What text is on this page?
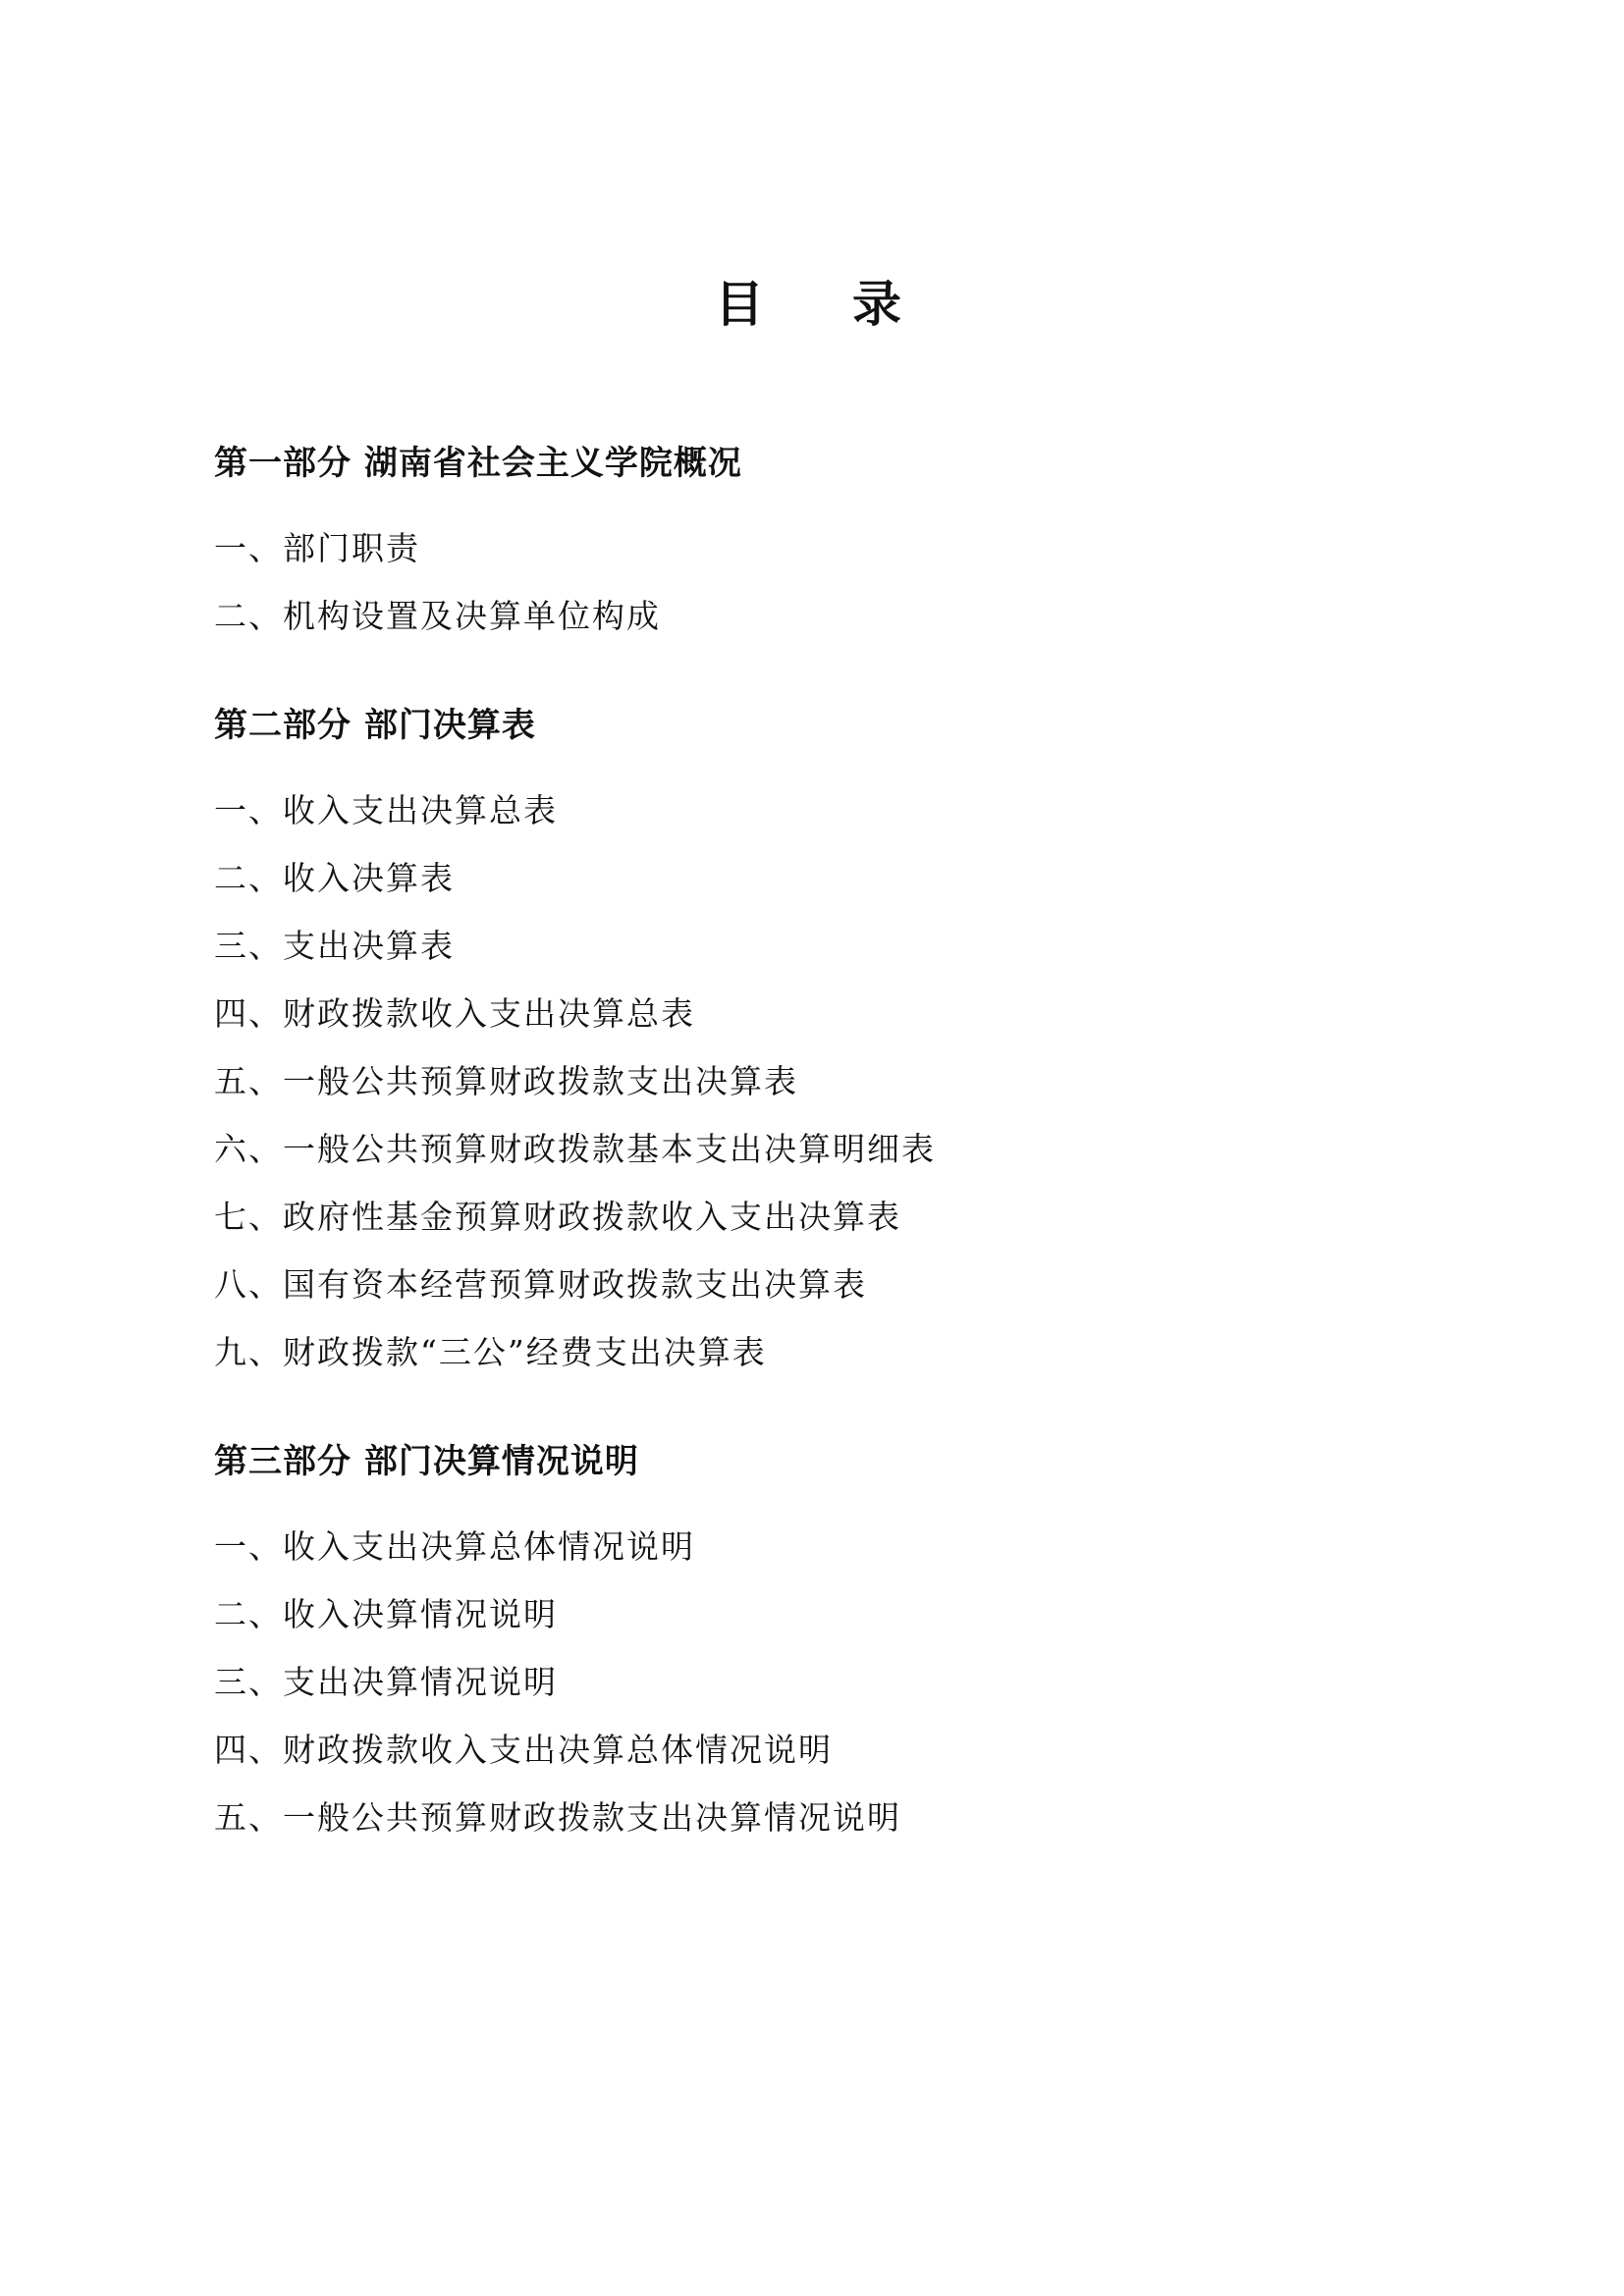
目　录
第一部分 湖南省社会主义学院概况
一、部门职责
二、机构设置及决算单位构成
第二部分 部门决算表
一、收入支出决算总表
二、收入决算表
三、支出决算表
四、财政拨款收入支出决算总表
五、一般公共预算财政拨款支出决算表
六、一般公共预算财政拨款基本支出决算明细表
七、政府性基金预算财政拨款收入支出决算表
八、国有资本经营预算财政拨款支出决算表
九、财政拨款“三公”经费支出决算表
第三部分 部门决算情况说明
一、收入支出决算总体情况说明
二、收入决算情况说明
三、支出决算情况说明
四、财政拨款收入支出决算总体情况说明
五、一般公共预算财政拨款支出决算情况说明
